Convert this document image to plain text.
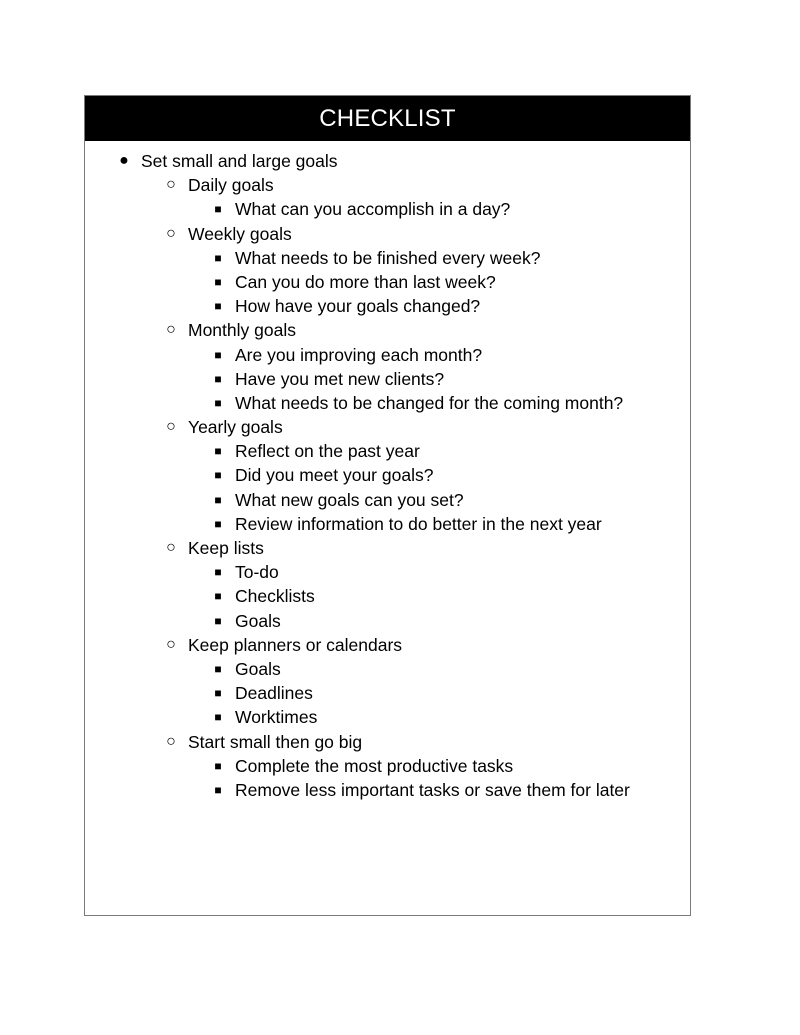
CHECKLIST
● Set small and large goals
○ Daily goals
■ What can you accomplish in a day?
○ Weekly goals
■ What needs to be finished every week?
■ Can you do more than last week?
■ How have your goals changed?
○ Monthly goals
■ Are you improving each month?
■ Have you met new clients?
■ What needs to be changed for the coming month?
○ Yearly goals
■ Reflect on the past year
■ Did you meet your goals?
■ What new goals can you set?
■ Review information to do better in the next year
○ Keep lists
■ To-do
■ Checklists
■ Goals
○ Keep planners or calendars
■ Goals
■ Deadlines
■ Worktimes
○ Start small then go big
■ Complete the most productive tasks
■ Remove less important tasks or save them for later
